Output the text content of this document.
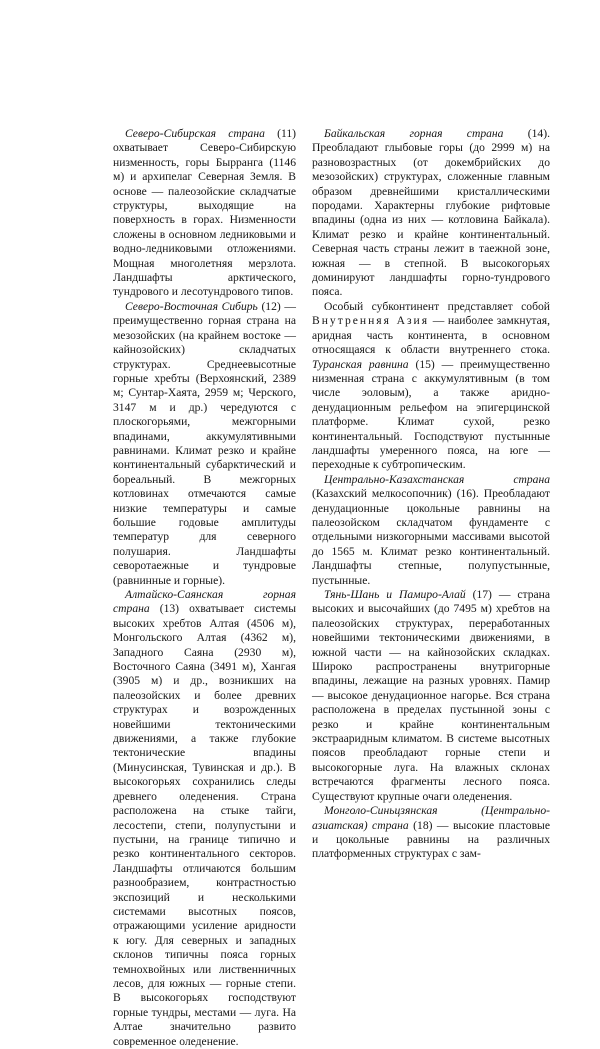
Северо-Сибирская страна (11) охватывает Северо-Сибирскую низменность, горы Бырранга (1146 м) и архипелаг Северная Земля. В основе — палеозойские складчатые структуры, выходящие на поверхность в горах. Низменности сложены в основном ледниковыми и водно-ледниковыми отложениями. Мощная многолетняя мерзлота. Ландшафты арктического, тундрового и лесотундрового типов.

Северо-Восточная Сибирь (12) — преимущественно горная страна на мезозойских (на крайнем востоке — кайнозойских) складчатых структурах. Среднеевысотные горные хребты (Верхоянский, 2389 м; Сунтар-Хаята, 2959 м; Черского, 3147 м и др.) чередуются с плоскогорьями, межгорными впадинами, аккумулятивными равнинами. Климат резко и крайне континентальный субарктический и бореальный. В межгорных котловинах отмечаются самые низкие температуры и самые большие годовые амплитуды температур для северного полушария. Ландшафты севоротаежные и тундровые (равнинные и горные).

Алтайско-Саянская горная страна (13) охватывает системы высоких хребтов Алтая (4506 м), Монгольского Алтая (4362 м), Западного Саяна (2930 м), Восточного Саяна (3491 м), Хангая (3905 м) и др., возникших на палеозойских и более древних структурах и возрожденных новейшими тектоническими движениями, а также глубокие тектонические впадины (Минусинская, Тувинская и др.). В высокогорьях сохранились следы древнего оледенения. Страна расположена на стыке тайги, лесостепи, степи, полупустыни и пустыни, на границе типично и резко континентального секторов. Ландшафты отличаются большим разнообразием, контрастностью экспозиций и несколькими системами высотных поясов, отражающими усиление аридности к югу. Для северных и западных склонов типичны пояса горных темнохвойных или лиственничных лесов, для южных — горные степи. В высокогорьях господствуют горные тундры, местами — луга. На Алтае значительно развито современное оледенение.

Байкальская горная страна (14). Преобладают глыбовые горы (до 2999 м) на разновозрастных (от докембрийских до мезозойских) структурах, сложенные главным образом древнейшими кристаллическими породами. Характерны глубокие рифтовые впадины (одна из них — котловина Байкала). Климат резко и крайне континентальный. Северная часть страны лежит в таежной зоне, южная — в степной. В высокогорьях доминируют ландшафты горно-тундрового пояса.

Особый субконтинент представляет собой Внутренняя Азия — наиболее замкнутая, аридная часть континента, в основном относящаяся к области внутреннего стока. Туранская равнина (15) — преимущественно низменная страна с аккумулятивным (в том числе эоловым), а также аридно-денудационным рельефом на эпигерцинской платформе. Климат сухой, резко континентальный. Господствуют пустынные ландшафты умеренного пояса, на юге — переходные к субтропическим.

Центрально-Казахстанская страна (Казахский мелкосопочник) (16). Преобладают денудационные цокольные равнины на палеозойском складчатом фундаменте с отдельными низкогорными массивами высотой до 1565 м. Климат резко континентальный. Ландшафты степные, полупустынные, пустынные.

Тянь-Шань и Памиро-Алай (17) — страна высоких и высочайших (до 7495 м) хребтов на палеозойских структурах, переработанных новейшими тектоническими движениями, в южной части — на кайнозойских складках. Широко распространены внутригорные впадины, лежащие на разных уровнях. Памир — высокое денудационное нагорье. Вся страна расположена в пределах пустынной зоны с резко и крайне континентальным экстрааридным климатом. В системе высотных поясов преобладают горные степи и высокогорные луга. На влажных склонах встречаются фрагменты лесного пояса. Существуют крупные очаги оледенения.

Монголо-Синьцзянская (Центрально-азиатская) страна (18) — высокие пластовые и цокольные равнины на различных платформенных структурах с зам-
